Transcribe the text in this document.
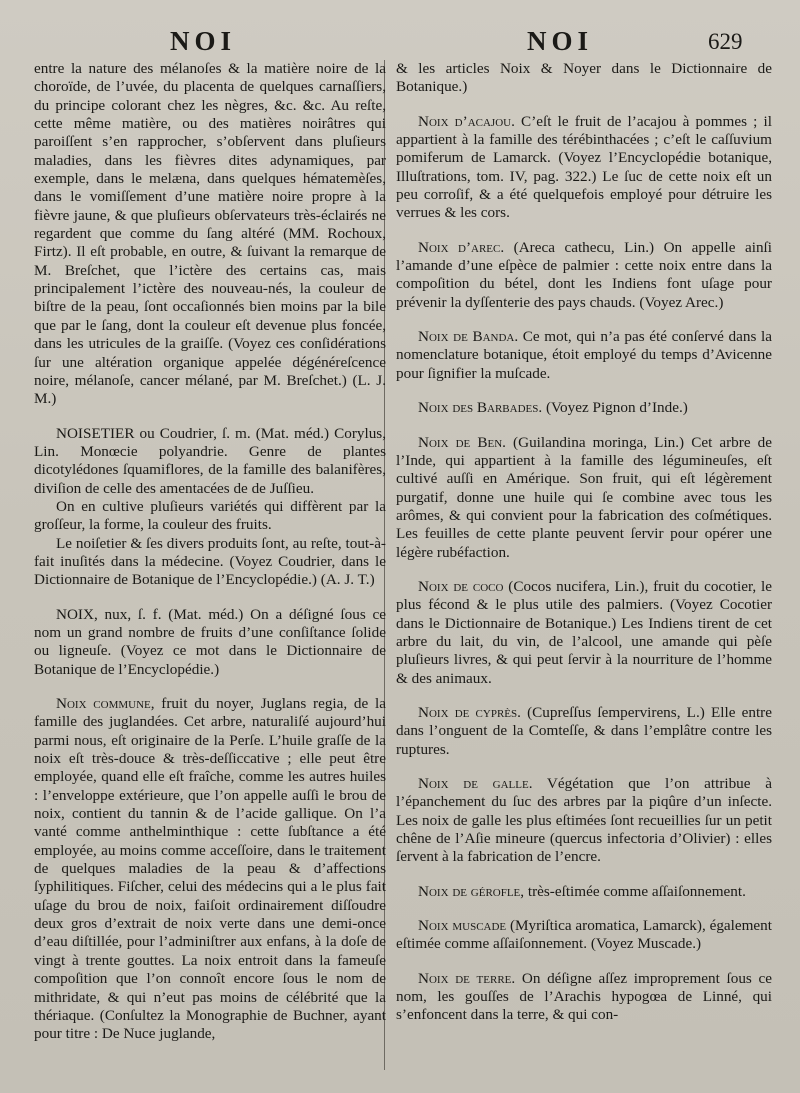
NOI	NOI	629

entre la nature des mélanoſes & la matière noire de la choroïde, de l’uvée, du placenta de quelques carnaſſiers, du principe colorant chez les nègres, &c. &c. Au reſte, cette même matière, ou des matières noirâtres qui paroiſſent s’en rapprocher, s’obſervent dans pluſieurs maladies, dans les fièvres dites adynamiques, par exemple, dans le melæna, dans quelques hématemèſes, dans le vomiſſement d’une matière noire propre à la fièvre jaune, & que pluſieurs obſervateurs très-éclairés ne regardent que comme du ſang altéré (MM. Rochoux, Firtz). Il eſt probable, en outre, & ſuivant la remarque de M. Breſchet, que l’ictère des certains cas, mais principalement l’ictère des nouveau-nés, la couleur de biſtre de la peau, ſont occaſionnés bien moins par la bile que par le ſang, dont la couleur eſt devenue plus foncée, dans les utricules de la graiſſe. (Voyez ces conſidérations ſur une altération organique appelée dégénéreſcence noire, mélanoſe, cancer mélané, par M. Breſchet.) (L. J. M.)

NOISETIER ou Coudrier, ſ. m. (Mat. méd.) Corylus, Lin. Monœcie polyandrie. Genre de plantes dicotylédones ſquamiflores, de la famille des balanifères, diviſion de celle des amentacées de de Juſſieu.

On en cultive pluſieurs variétés qui diffèrent par la groſſeur, la forme, la couleur des fruits.

Le noiſetier & ſes divers produits ſont, au reſte, tout-à-fait inuſités dans la médecine. (Voyez Coudrier, dans le Dictionnaire de Botanique de l’Encyclopédie.) (A. J. T.)

NOIX, nux, ſ. f. (Mat. méd.) On a déſigné ſous ce nom un grand nombre de fruits d’une conſiſtance ſolide ou ligneuſe. (Voyez ce mot dans le Dictionnaire de Botanique de l’Encyclopédie.)

Noix commune, fruit du noyer, Juglans regia, de la famille des juglandées. Cet arbre, naturaliſé aujourd’hui parmi nous, eſt originaire de la Perſe. L’huile graſſe de la noix eſt très-douce & très-deſſiccative ; elle peut être employée, quand elle eſt fraîche, comme les autres huiles : l’enveloppe extérieure, que l’on appelle auſſi le brou de noix, contient du tannin & de l’acide gallique. On l’a vanté comme anthelminthique : cette ſubſtance a été employée, au moins comme acceſſoire, dans le traitement de quelques maladies de la peau & d’affections ſyphilitiques. Fiſcher, celui des médecins qui a le plus fait uſage du brou de noix, faiſoit ordinairement diſſoudre deux gros d’extrait de noix verte dans une demi-once d’eau diſtillée, pour l’adminiſtrer aux enfans, à la doſe de vingt à trente gouttes. La noix entroit dans la fameuſe compoſition que l’on connoît encore ſous le nom de mithridate, & qui n’eut pas moins de célébrité que la thériaque. (Conſultez la Monographie de Buchner, ayant pour titre : De Nuce juglande,

& les articles Noix & Noyer dans le Dictionnaire de Botanique.)

Noix d’acajou. C’eſt le fruit de l’acajou à pommes ; il appartient à la famille des térébinthacées ; c’eſt le caſſuvium pomiferum de Lamarck. (Voyez l’Encyclopédie botanique, Illuſtrations, tom. IV, pag. 322.) Le ſuc de cette noix eſt un peu corroſif, & a été quelquefois employé pour détruire les verrues & les cors.

Noix d’arec. (Areca cathecu, Lin.) On appelle ainſi l’amande d’une eſpèce de palmier : cette noix entre dans la compoſition du bétel, dont les Indiens font uſage pour prévenir la dyſſenterie des pays chauds. (Voyez Arec.)

Noix de Banda. Ce mot, qui n’a pas été conſervé dans la nomenclature botanique, étoit employé du temps d’Avicenne pour ſignifier la muſcade.

Noix des Barbades. (Voyez Pignon d’Inde.)

Noix de Ben. (Guilandina moringa, Lin.) Cet arbre de l’Inde, qui appartient à la famille des légumineuſes, eſt cultivé auſſi en Amérique. Son fruit, qui eſt légèrement purgatif, donne une huile qui ſe combine avec tous les arômes, & qui convient pour la fabrication des coſmétiques. Les feuilles de cette plante peuvent ſervir pour opérer une légère rubéfaction.

Noix de coco (Cocos nucifera, Lin.), fruit du cocotier, le plus fécond & le plus utile des palmiers. (Voyez Cocotier dans le Dictionnaire de Botanique.) Les Indiens tirent de cet arbre du lait, du vin, de l’alcool, une amande qui pèſe pluſieurs livres, & qui peut ſervir à la nourriture de l’homme & des animaux.

Noix de cyprès. (Cupreſſus ſempervirens, L.) Elle entre dans l’onguent de la Comteſſe, & dans l’emplâtre contre les ruptures.

Noix de galle. Végétation que l’on attribue à l’épanchement du ſuc des arbres par la piqûre d’un inſecte. Les noix de galle les plus eſtimées ſont recueillies ſur un petit chêne de l’Aſie mineure (quercus infectoria d’Olivier) : elles ſervent à la fabrication de l’encre.

Noix de gérofle, très-eſtimée comme aſſaiſonnement.

Noix muscade (Myriſtica aromatica, Lamarck), également eſtimée comme aſſaiſonnement. (Voyez Muscade.)

Noix de terre. On déſigne aſſez improprement ſous ce nom, les gouſſes de l’Arachis hypogœa de Linné, qui s’enfoncent dans la terre, & qui con-
